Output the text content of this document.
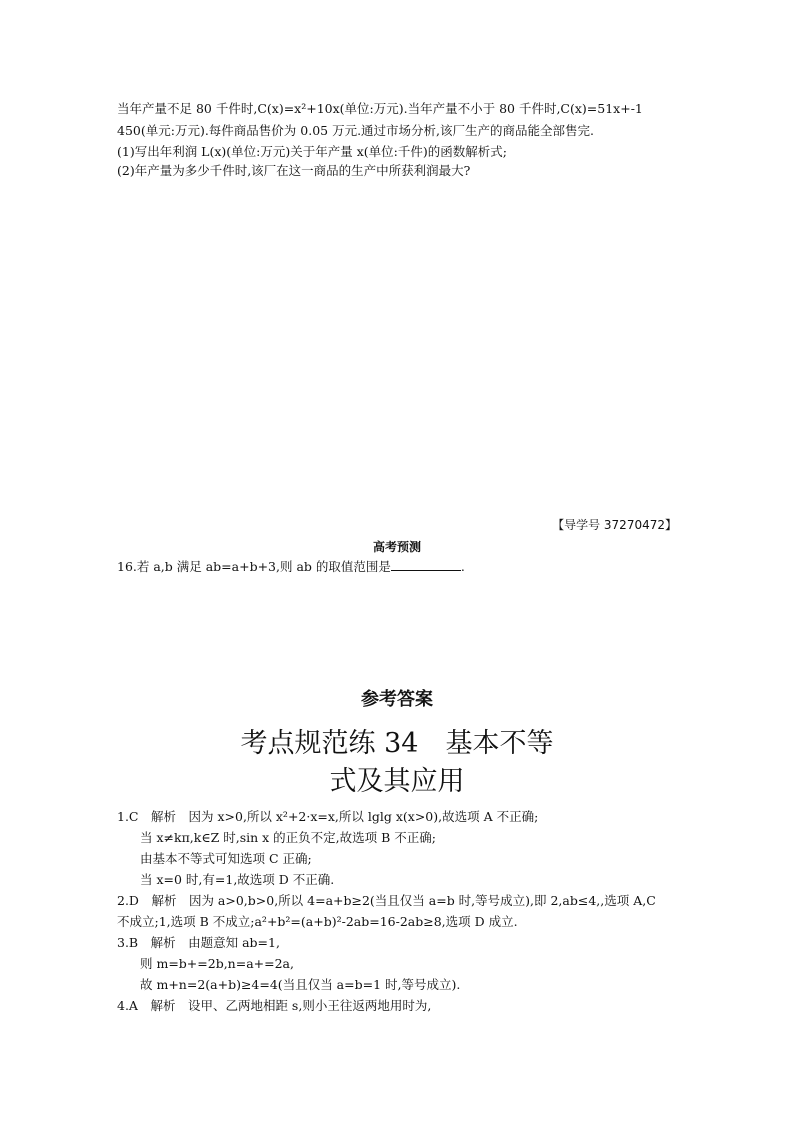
当年产量不足 80 千件时,C(x)=x²+10x(单位:万元).当年产量不小于 80 千件时,C(x)=51x+-1
450(单元:万元).每件商品售价为 0.05 万元.通过市场分析,该厂生产的商品能全部售完.
(1)写出年利润 L(x)(单位:万元)关于年产量 x(单位:千件)的函数解析式;
(2)年产量为多少千件时,该厂在这一商品的生产中所获利润最大?
【导学号 37270472】
高考预测
16.若 a,b 满足 ab=a+b+3,则 ab 的取值范围是	.
参考答案
考点规范练 34　基本不等
式及其应用
1.C　解析　因为 x>0,所以 x²+2·x=x,所以 lglg x(x>0),故选项 A 不正确;
当 x≠kπ,k∈Z 时,sin x 的正负不定,故选项 B 不正确;
由基本不等式可知选项 C 正确;
当 x=0 时,有=1,故选项 D 不正确.
2.D　解析　因为 a>0,b>0,所以 4=a+b≥2(当且仅当 a=b 时,等号成立),即 2,ab≤4,,选项 A,C
不成立;1,选项 B 不成立;a²+b²=(a+b)²-2ab=16-2ab≥8,选项 D 成立.
3.B　解析　由题意知 ab=1,
则 m=b+=2b,n=a+=2a,
故 m+n=2(a+b)≥4=4(当且仅当 a=b=1 时,等号成立).
4.A　解析　设甲、乙两地相距 s,则小王往返两地用时为,
